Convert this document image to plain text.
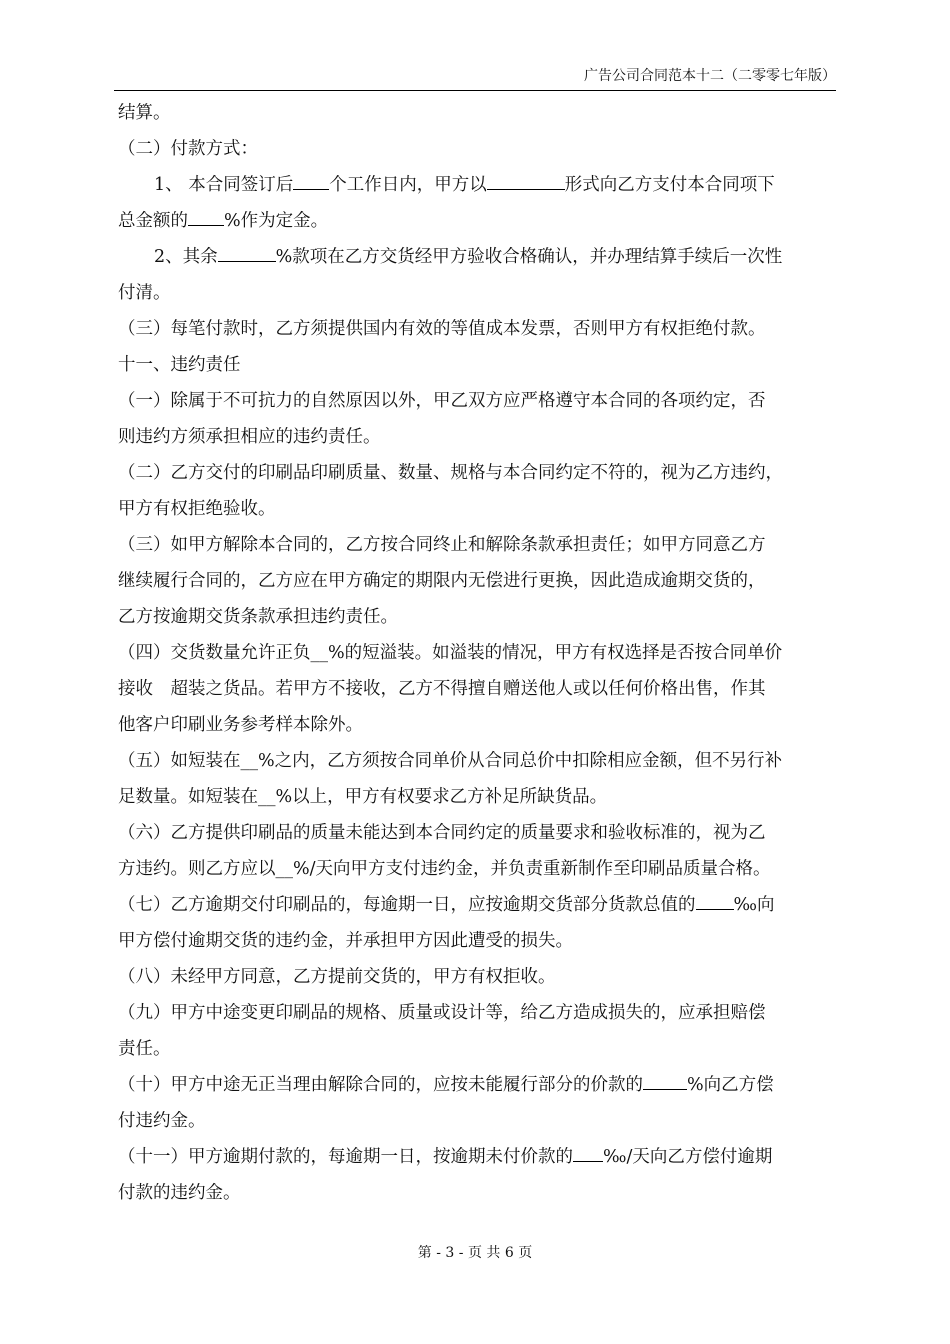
广告公司合同范本十二（二零零七年版）
结算。
（二）付款方式：
1、 本合同签订后 个工作日内，甲方以	形式向乙方支付本合同项下
总金额的 %作为定金。
2、其余	%款项在乙方交货经甲方验收合格确认，并办理结算手续后一次性
付清。
（三）每笔付款时，乙方须提供国内有效的等值成本发票，否则甲方有权拒绝付款。
十一、违约责任
（一）除属于不可抗力的自然原因以外，甲乙双方应严格遵守本合同的各项约定，否
则违约方须承担相应的违约责任。
（二）乙方交付的印刷品印刷质量、数量、规格与本合同约定不符的，视为乙方违约，
甲方有权拒绝验收。
（三）如甲方解除本合同的，乙方按合同终止和解除条款承担责任；如甲方同意乙方
继续履行合同的，乙方应在甲方确定的期限内无偿进行更换，因此造成逾期交货的，
乙方按逾期交货条款承担违约责任。
（四）交货数量允许正负__%的短溢装。如溢装的情况，甲方有权选择是否按合同单价
接收　超装之货品。若甲方不接收，乙方不得擅自赠送他人或以任何价格出售，作其
他客户印刷业务参考样本除外。
（五）如短装在__%之内，乙方须按合同单价从合同总价中扣除相应金额，但不另行补
足数量。如短装在__%以上，甲方有权要求乙方补足所缺货品。
（六）乙方提供印刷品的质量未能达到本合同约定的质量要求和验收标准的，视为乙
方违约。则乙方应以__%/天向甲方支付违约金，并负责重新制作至印刷品质量合格。
（七）乙方逾期交付印刷品的，每逾期一日，应按逾期交货部分货款总值的 ‰向
甲方偿付逾期交货的违约金，并承担甲方因此遭受的损失。
（八）未经甲方同意，乙方提前交货的，甲方有权拒收。
（九）甲方中途变更印刷品的规格、质量或设计等，给乙方造成损失的，应承担赔偿
责任。
（十）甲方中途无正当理由解除合同的，应按未能履行部分的价款的	%向乙方偿
付违约金。
（十一）甲方逾期付款的，每逾期一日，按逾期未付价款的 ‰/天向乙方偿付逾期
付款的违约金。
第 - 3 - 页 共 6 页
